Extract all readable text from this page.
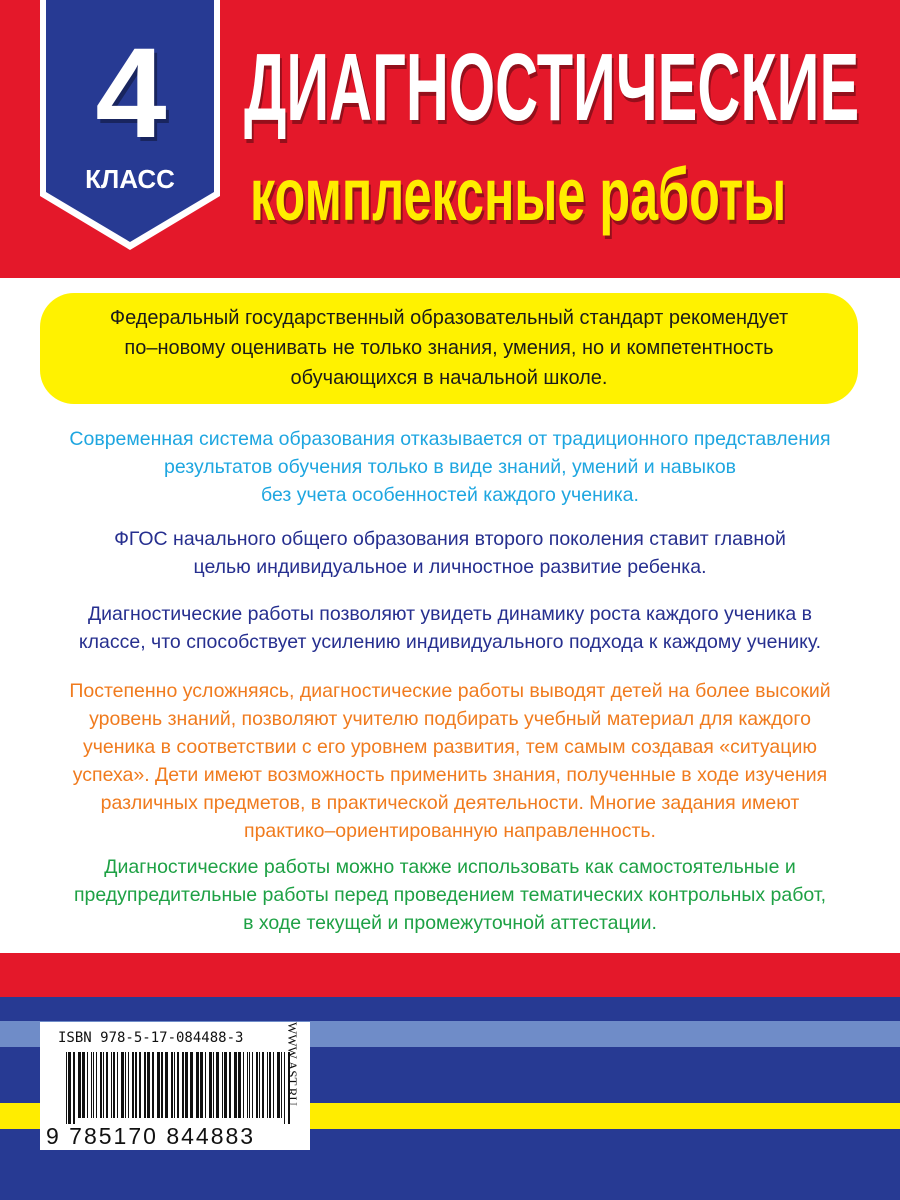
4
КЛАСС
ДИАГНОСТИЧЕСКИЕ
комплексные работы
Федеральный государственный образовательный стандарт рекомендует
по–новому оценивать не только знания, умения, но и компетентность
обучающихся в начальной школе.
Современная система образования отказывается от традиционного представления
результатов обучения только в виде знаний, умений и навыков
без учета особенностей каждого ученика.
ФГОС начального общего образования второго поколения ставит главной
целью индивидуальное и личностное развитие ребенка.
Диагностические работы позволяют увидеть динамику роста каждого ученика в
классе, что способствует усилению индивидуального подхода к каждому ученику.
Постепенно усложняясь, диагностические работы выводят детей на более высокий
уровень знаний, позволяют учителю подбирать учебный материал для каждого
ученика в соответствии с его уровнем развития, тем самым создавая «ситуацию
успеха». Дети имеют возможность применить знания, полученные в ходе изучения
различных предметов, в практической деятельности. Многие задания имеют
практико–ориентированную направленность.
Диагностические работы можно также использовать как самостоятельные и
предупредительные работы перед проведением тематических контрольных работ,
в ходе текущей и промежуточной аттестации.
ISBN 978-5-17-084488-3
9 785170 844883
WWW.AST.RU
